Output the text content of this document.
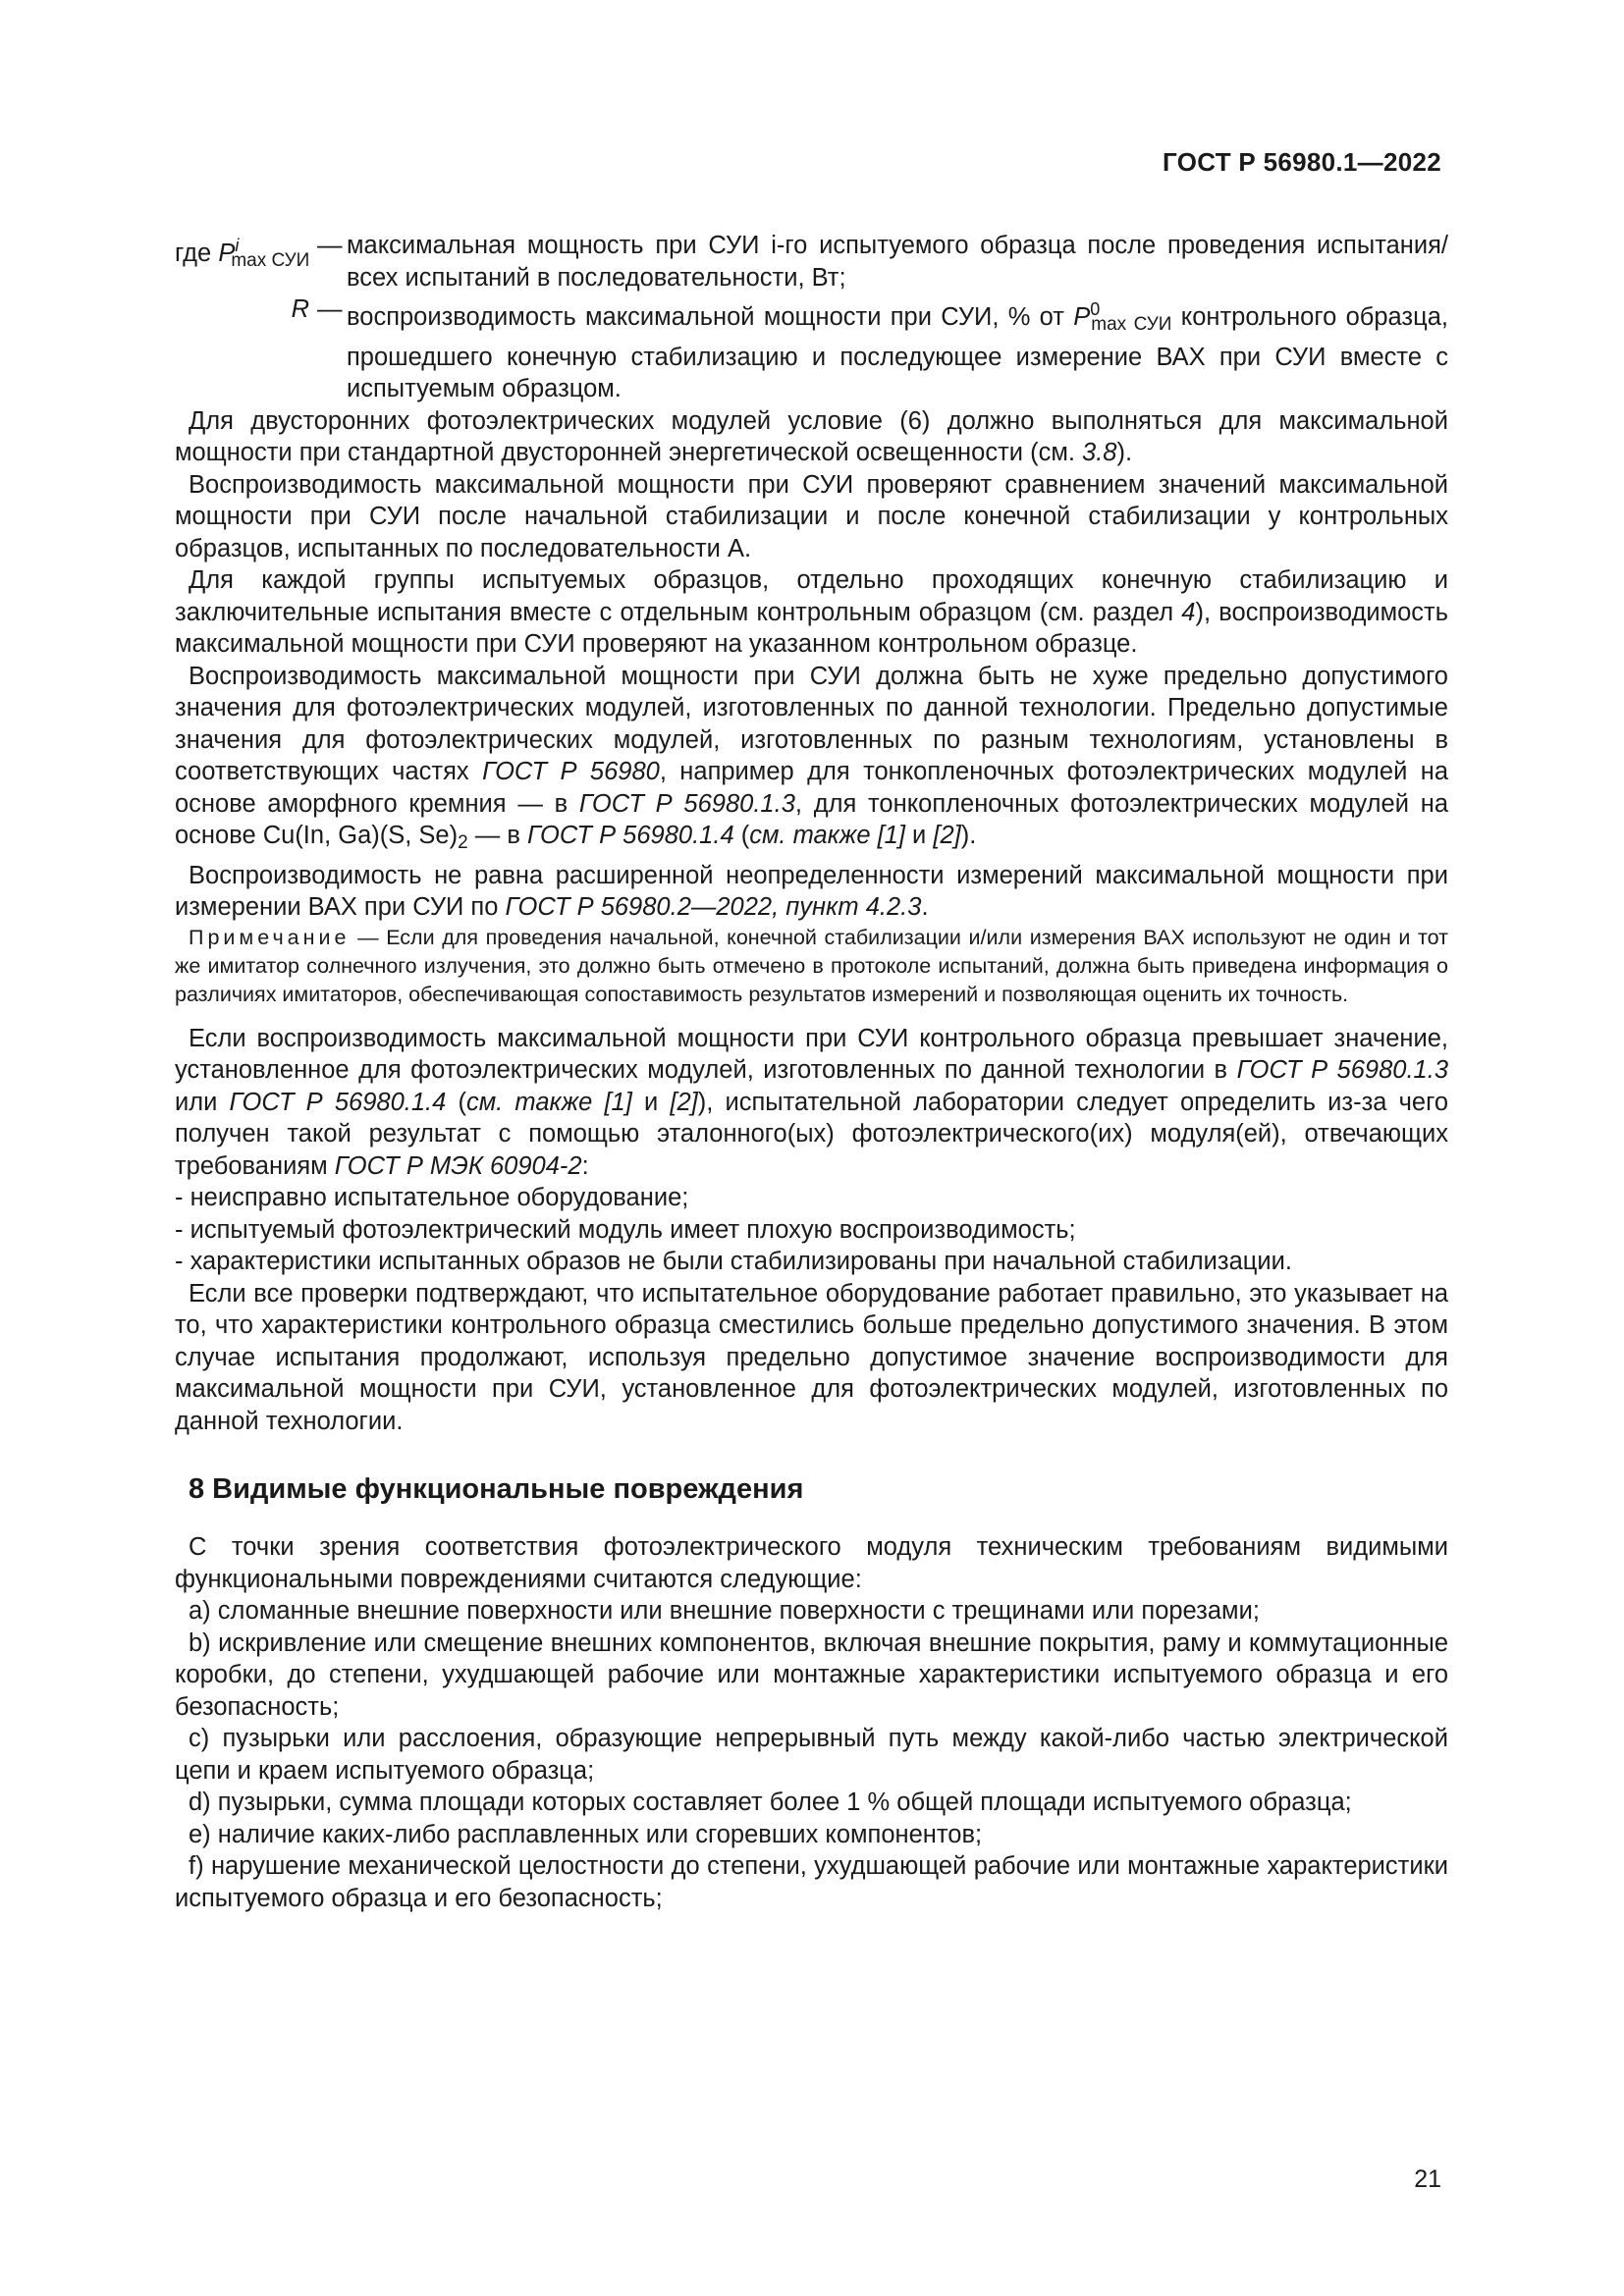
ГОСТ Р 56980.1—2022
где $P^i_{max СУИ}$
— максимальная мощность при СУИ i-го испытуемого образца после проведения испытания/всех испытаний в последовательности, Вт;
R — воспроизводимость максимальной мощности при СУИ, % от $P^0_{max СУИ}$ контрольного образца, прошедшего конечную стабилизацию и последующее измерение ВАХ при СУИ вместе с испытуемым образцом.

Для двусторонних фотоэлектрических модулей условие (6) должно выполняться для максимальной мощности при стандартной двусторонней энергетической освещенности (см. 3.8).

Воспроизводимость максимальной мощности при СУИ проверяют сравнением значений максимальной мощности при СУИ после начальной стабилизации и после конечной стабилизации у контрольных образцов, испытанных по последовательности А.

Для каждой группы испытуемых образцов, отдельно проходящих конечную стабилизацию и заключительные испытания вместе с отдельным контрольным образцом (см. раздел 4), воспроизводимость максимальной мощности при СУИ проверяют на указанном контрольном образце.

Воспроизводимость максимальной мощности при СУИ должна быть не хуже предельно допустимого значения для фотоэлектрических модулей, изготовленных по данной технологии. Предельно допустимые значения для фотоэлектрических модулей, изготовленных по разным технологиям, установлены в соответствующих частях ГОСТ Р 56980, например для тонкопленочных фотоэлектрических модулей на основе аморфного кремния — в ГОСТ Р 56980.1.3, для тонкопленочных фотоэлектрических модулей на основе Cu(In, Ga)(S, $Se)_2$ — в ГОСТ Р 56980.1.4 (см. также [1] и [2]).

Воспроизводимость не равна расширенной неопределенности измерений максимальной мощности при измерении ВАХ при СУИ по ГОСТ Р 56980.2—2022, пункт 4.2.3.

Примечание — Если для проведения начальной, конечной стабилизации и/или измерения ВАХ используют не один и тот же имитатор солнечного излучения, это должно быть отмечено в протоколе испытаний, должна быть приведена информация о различиях имитаторов, обеспечивающая сопоставимость результатов измерений и позволяющая оценить их точность.

Если воспроизводимость максимальной мощности при СУИ контрольного образца превышает значение, установленное для фотоэлектрических модулей, изготовленных по данной технологии в ГОСТ Р 56980.1.3 или ГОСТ Р 56980.1.4 (см. также [1] и [2]), испытательной лаборатории следует определить из-за чего получен такой результат с помощью эталонного(ых) фотоэлектрического(их) модуля(ей), отвечающих требованиям ГОСТ Р МЭК 60904-2:

- неисправно испытательное оборудование;

- испытуемый фотоэлектрический модуль имеет плохую воспроизводимость;

- характеристики испытанных образов не были стабилизированы при начальной стабилизации.

Если все проверки подтверждают, что испытательное оборудование работает правильно, это указывает на то, что характеристики контрольного образца сместились больше предельно допустимого значения. В этом случае испытания продолжают, используя предельно допустимое значение воспроизводимости для максимальной мощности при СУИ, установленное для фотоэлектрических модулей, изготовленных по данной технологии.

8 Видимые функциональные повреждения

С точки зрения соответствия фотоэлектрического модуля техническим требованиям видимыми функциональными повреждениями считаются следующие:

a) сломанные внешние поверхности или внешние поверхности с трещинами или порезами;

b) искривление или смещение внешних компонентов, включая внешние покрытия, раму и коммутационные коробки, до степени, ухудшающей рабочие или монтажные характеристики испытуемого образца и его безопасность;

c) пузырьки или расслоения, образующие непрерывный путь между какой-либо частью электрической цепи и краем испытуемого образца;

d) пузырьки, сумма площади которых составляет более 1 % общей площади испытуемого образца;

e) наличие каких-либо расплавленных или сгоревших компонентов;

f) нарушение механической целостности до степени, ухудшающей рабочие или монтажные характеристики испытуемого образца и его безопасность;

21
